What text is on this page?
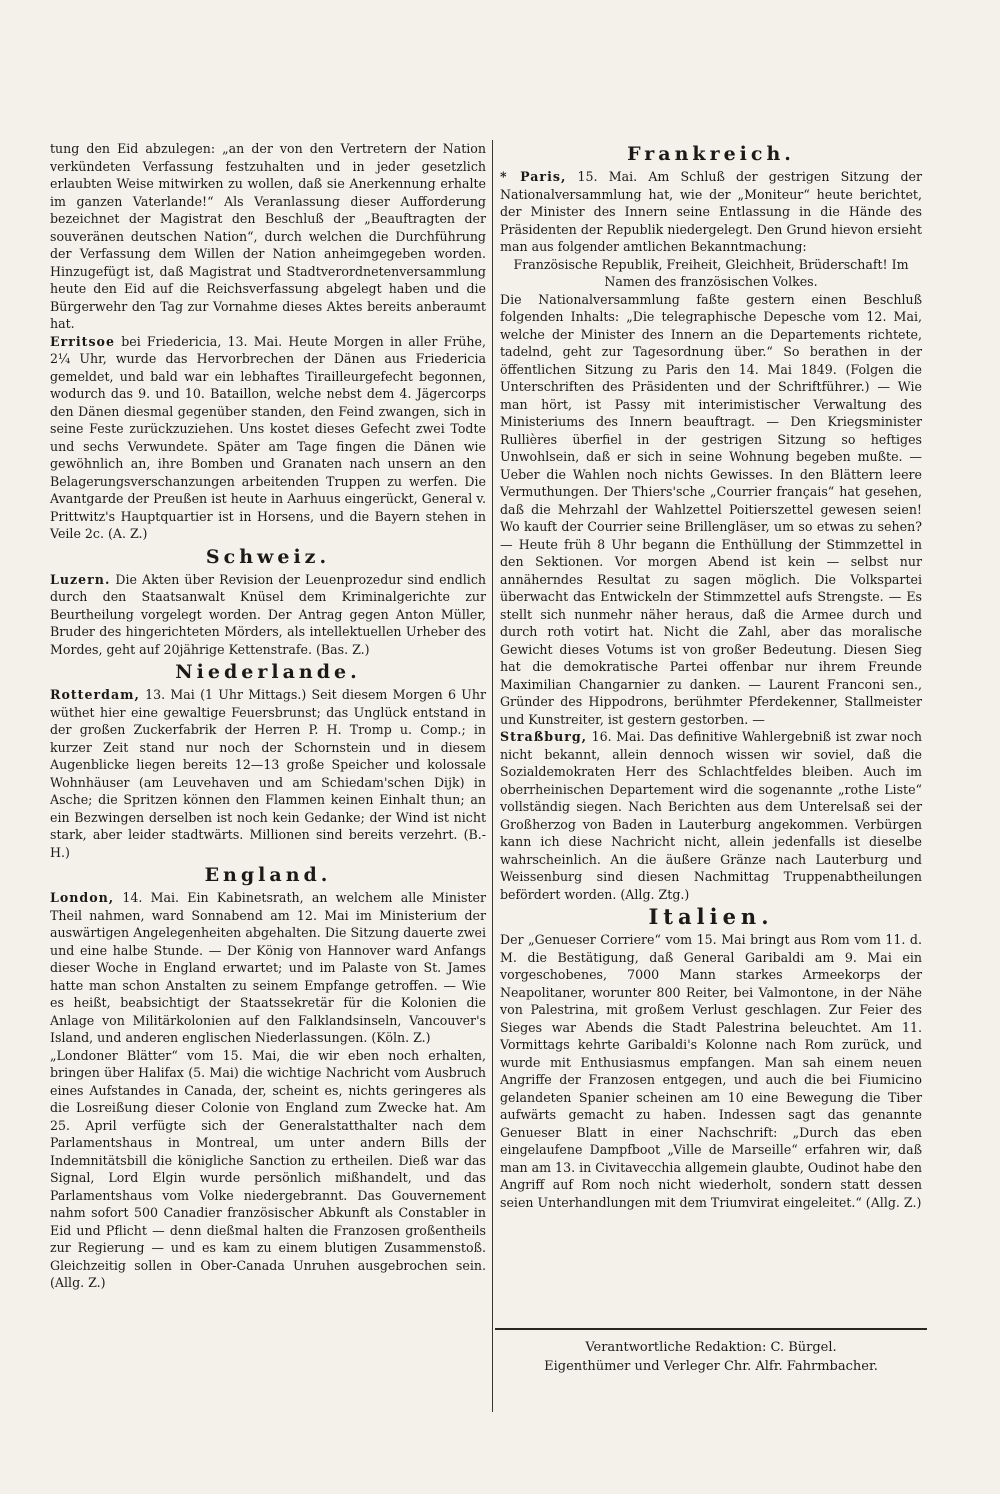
tung den Eid abzulegen: „an der von den Vertretern der Nation verkündeten Verfassung festzuhalten und in jeder gesetzlich erlaubten Weise mitwirken zu wollen, daß sie Anerkennung erhalte im ganzen Vaterlande!“ Als Veranlassung dieser Aufforderung bezeichnet der Magistrat den Beschluß der „Beauftragten der souveränen deutschen Nation“, durch welchen die Durchführung der Verfassung dem Willen der Nation anheimgegeben worden. Hinzugefügt ist, daß Magistrat und Stadtverordnetenversammlung heute den Eid auf die Reichsverfassung abgelegt haben und die Bürgerwehr den Tag zur Vornahme dieses Aktes bereits anberaumt hat.

Erritsoe bei Friedericia, 13. Mai. Heute Morgen in aller Frühe, 2¼ Uhr, wurde das Hervorbrechen der Dänen aus Friedericia gemeldet, und bald war ein lebhaftes Tirailleurgefecht begonnen, wodurch das 9. und 10. Bataillon, welche nebst dem 4. Jägercorps den Dänen diesmal gegenüber standen, den Feind zwangen, sich in seine Feste zurückzuziehen. Uns kostet dieses Gefecht zwei Todte und sechs Verwundete. Später am Tage fingen die Dänen wie gewöhnlich an, ihre Bomben und Granaten nach unsern an den Belagerungsverschanzungen arbeitenden Truppen zu werfen. Die Avantgarde der Preußen ist heute in Aarhuus eingerückt, General v. Prittwitz's Hauptquartier ist in Horsens, und die Bayern stehen in Veile 2c. (A. Z.)

Schweiz.

Luzern. Die Akten über Revision der Leuenprozedur sind endlich durch den Staatsanwalt Knüsel dem Kriminalgerichte zur Beurtheilung vorgelegt worden. Der Antrag gegen Anton Müller, Bruder des hingerichteten Mörders, als intellektuellen Urheber des Mordes, geht auf 20jährige Kettenstrafe. (Bas. Z.)

Niederlande.

Rotterdam, 13. Mai (1 Uhr Mittags.) Seit diesem Morgen 6 Uhr wüthet hier eine gewaltige Feuersbrunst; das Unglück entstand in der großen Zuckerfabrik der Herren P. H. Tromp u. Comp.; in kurzer Zeit stand nur noch der Schornstein und in diesem Augenblicke liegen bereits 12—13 große Speicher und kolossale Wohnhäuser (am Leuvehaven und am Schiedam'schen Dijk) in Asche; die Spritzen können den Flammen keinen Einhalt thun; an ein Bezwingen derselben ist noch kein Gedanke; der Wind ist nicht stark, aber leider stadtwärts. Millionen sind bereits verzehrt. (B.-H.)

England.

London, 14. Mai. Ein Kabinetsrath, an welchem alle Minister Theil nahmen, ward Sonnabend am 12. Mai im Ministerium der auswärtigen Angelegenheiten abgehalten. Die Sitzung dauerte zwei und eine halbe Stunde. — Der König von Hannover ward Anfangs dieser Woche in England erwartet; und im Palaste von St. James hatte man schon Anstalten zu seinem Empfange getroffen. — Wie es heißt, beabsichtigt der Staatssekretär für die Kolonien die Anlage von Militärkolonien auf den Falklandsinseln, Vancouver's Island, und anderen englischen Niederlassungen. (Köln. Z.)

„Londoner Blätter“ vom 15. Mai, die wir eben noch erhalten, bringen über Halifax (5. Mai) die wichtige Nachricht vom Ausbruch eines Aufstandes in Canada, der, scheint es, nichts geringeres als die Losreißung dieser Colonie von England zum Zwecke hat. Am 25. April verfügte sich der Generalstatthalter nach dem Parlamentshaus in Montreal, um unter andern Bills der Indemnitätsbill die königliche Sanction zu ertheilen. Dieß war das Signal, Lord Elgin wurde persönlich mißhandelt, und das Parlamentshaus vom Volke niedergebrannt. Das Gouvernement nahm sofort 500 Canadier französischer Abkunft als Constabler in Eid und Pflicht — denn dießmal halten die Franzosen großentheils zur Regierung — und es kam zu einem blutigen Zusammenstoß. Gleichzeitig sollen in Ober-Canada Unruhen ausgebrochen sein. (Allg. Z.)

Frankreich.

* Paris, 15. Mai. Am Schluß der gestrigen Sitzung der Nationalversammlung hat, wie der „Moniteur“ heute berichtet, der Minister des Innern seine Entlassung in die Hände des Präsidenten der Republik niedergelegt. Den Grund hievon ersieht man aus folgender amtlichen Bekanntmachung:

Französische Republik, Freiheit, Gleichheit, Brüderschaft! Im Namen des französischen Volkes.

Die Nationalversammlung faßte gestern einen Beschluß folgenden Inhalts: „Die telegraphische Depesche vom 12. Mai, welche der Minister des Innern an die Departements richtete, tadelnd, geht zur Tagesordnung über.“ So berathen in der öffentlichen Sitzung zu Paris den 14. Mai 1849. (Folgen die Unterschriften des Präsidenten und der Schriftführer.) — Wie man hört, ist Passy mit interimistischer Verwaltung des Ministeriums des Innern beauftragt. — Den Kriegsminister Rullières überfiel in der gestrigen Sitzung so heftiges Unwohlsein, daß er sich in seine Wohnung begeben mußte. — Ueber die Wahlen noch nichts Gewisses. In den Blättern leere Vermuthungen. Der Thiers'sche „Courrier français“ hat gesehen, daß die Mehrzahl der Wahlzettel Poitierszettel gewesen seien! Wo kauft der Courrier seine Brillengläser, um so etwas zu sehen? — Heute früh 8 Uhr begann die Enthüllung der Stimmzettel in den Sektionen. Vor morgen Abend ist kein — selbst nur annäherndes Resultat zu sagen möglich. Die Volkspartei überwacht das Entwickeln der Stimmzettel aufs Strengste. — Es stellt sich nunmehr näher heraus, daß die Armee durch und durch roth votirt hat. Nicht die Zahl, aber das moralische Gewicht dieses Votums ist von großer Bedeutung. Diesen Sieg hat die demokratische Partei offenbar nur ihrem Freunde Maximilian Changarnier zu danken. — Laurent Franconi sen., Gründer des Hippodrons, berühmter Pferdekenner, Stallmeister und Kunstreiter, ist gestern gestorben. —

Straßburg, 16. Mai. Das definitive Wahlergebniß ist zwar noch nicht bekannt, allein dennoch wissen wir soviel, daß die Sozialdemokraten Herr des Schlachtfeldes bleiben. Auch im oberrheinischen Departement wird die sogenannte „rothe Liste“ vollständig siegen. Nach Berichten aus dem Unterelsaß sei der Großherzog von Baden in Lauterburg angekommen. Verbürgen kann ich diese Nachricht nicht, allein jedenfalls ist dieselbe wahrscheinlich. An die äußere Gränze nach Lauterburg und Weissenburg sind diesen Nachmittag Truppenabtheilungen befördert worden. (Allg. Ztg.)

Italien.

Der „Genueser Corriere“ vom 15. Mai bringt aus Rom vom 11. d. M. die Bestätigung, daß General Garibaldi am 9. Mai ein vorgeschobenes, 7000 Mann starkes Armeekorps der Neapolitaner, worunter 800 Reiter, bei Valmontone, in der Nähe von Palestrina, mit großem Verlust geschlagen. Zur Feier des Sieges war Abends die Stadt Palestrina beleuchtet. Am 11. Vormittags kehrte Garibaldi's Kolonne nach Rom zurück, und wurde mit Enthusiasmus empfangen. Man sah einem neuen Angriffe der Franzosen entgegen, und auch die bei Fiumicino gelandeten Spanier scheinen am 10 eine Bewegung die Tiber aufwärts gemacht zu haben. Indessen sagt das genannte Genueser Blatt in einer Nachschrift: „Durch das eben eingelaufene Dampfboot „Ville de Marseille“ erfahren wir, daß man am 13. in Civitavecchia allgemein glaubte, Oudinot habe den Angriff auf Rom noch nicht wiederholt, sondern statt dessen seien Unterhandlungen mit dem Triumvirat eingeleitet.“ (Allg. Z.)

Verantwortliche Redaktion: C. Bürgel.

Eigenthümer und Verleger Chr. Alfr. Fahrmbacher.
